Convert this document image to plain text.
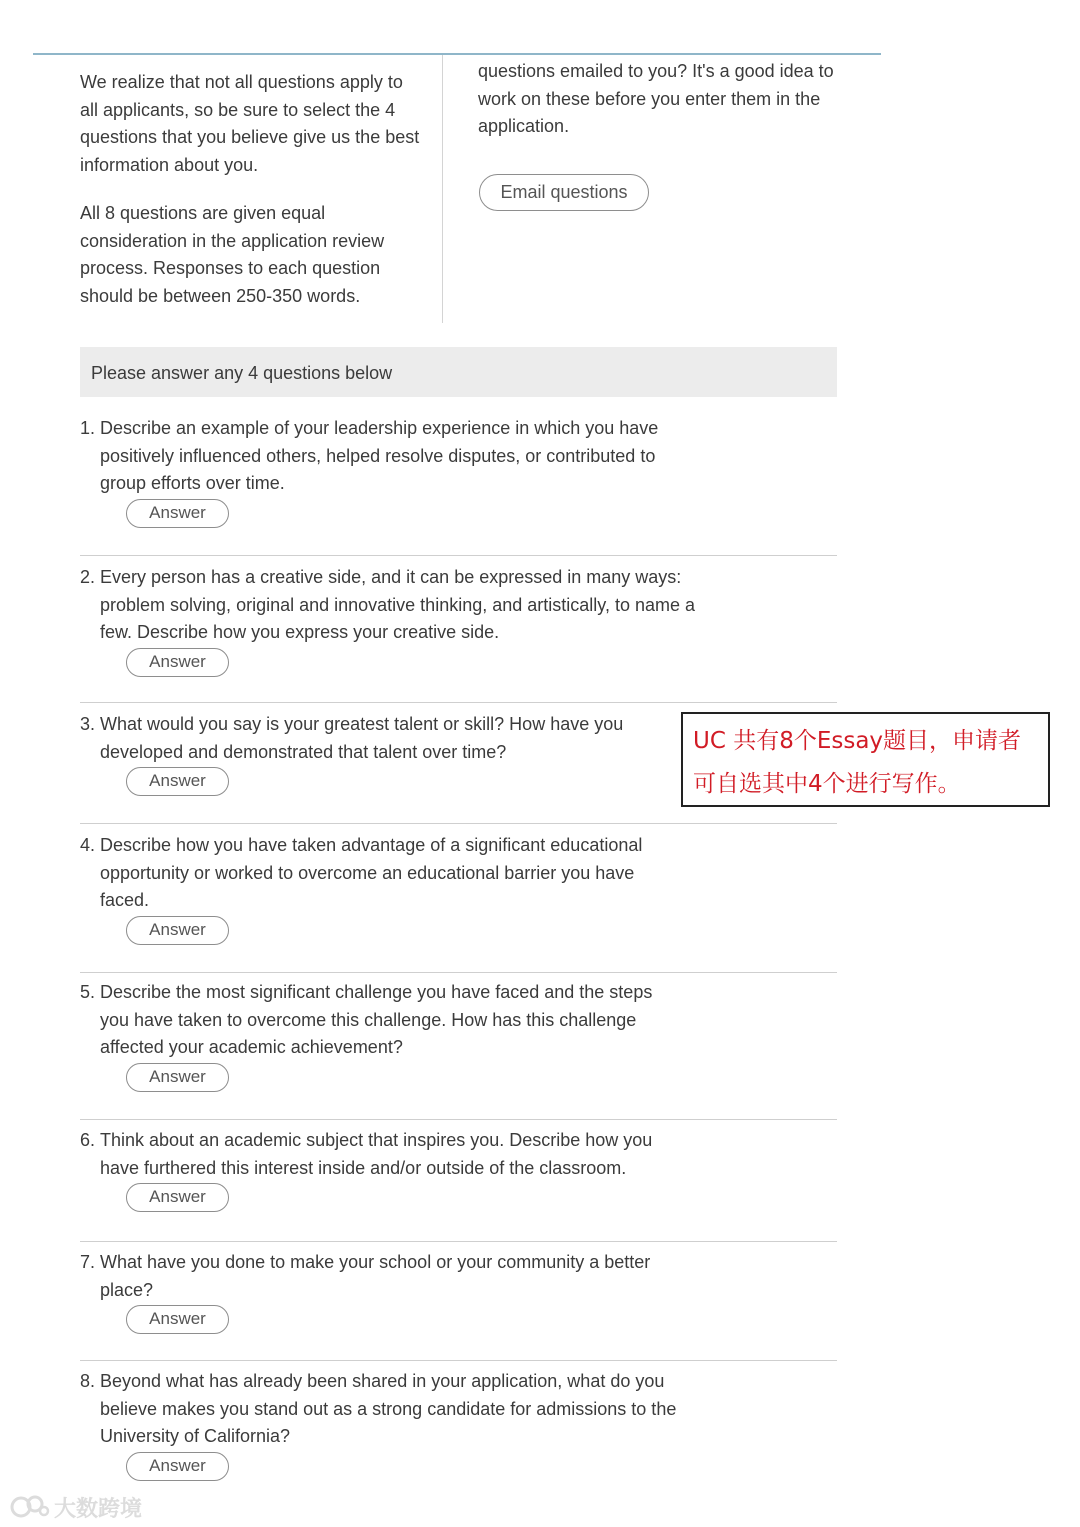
We realize that not all questions apply to all applicants, so be sure to select the 4 questions that you believe give us the best information about you.

All 8 questions are given equal consideration in the application review process. Responses to each question should be between 250-350 words.

questions emailed to you? It's a good idea to work on these before you enter them in the application.

Email questions
Please answer any 4 questions below
1. Describe an example of your leadership experience in which you have positively influenced others, helped resolve disputes, or contributed to group efforts over time.
Answer
2. Every person has a creative side, and it can be expressed in many ways: problem solving, original and innovative thinking, and artistically, to name a few. Describe how you express your creative side.
Answer
3. What would you say is your greatest talent or skill? How have you developed and demonstrated that talent over time?
Answer
4. Describe how you have taken advantage of a significant educational opportunity or worked to overcome an educational barrier you have faced.
Answer
5. Describe the most significant challenge you have faced and the steps you have taken to overcome this challenge. How has this challenge affected your academic achievement?
Answer
6. Think about an academic subject that inspires you. Describe how you have furthered this interest inside and/or outside of the classroom.
Answer
7. What have you done to make your school or your community a better place?
Answer
8. Beyond what has already been shared in your application, what do you believe makes you stand out as a strong candidate for admissions to the University of California?
Answer

UC 共有8个Essay题目，申请者

可自选其中4个进行写作。

大数跨境
